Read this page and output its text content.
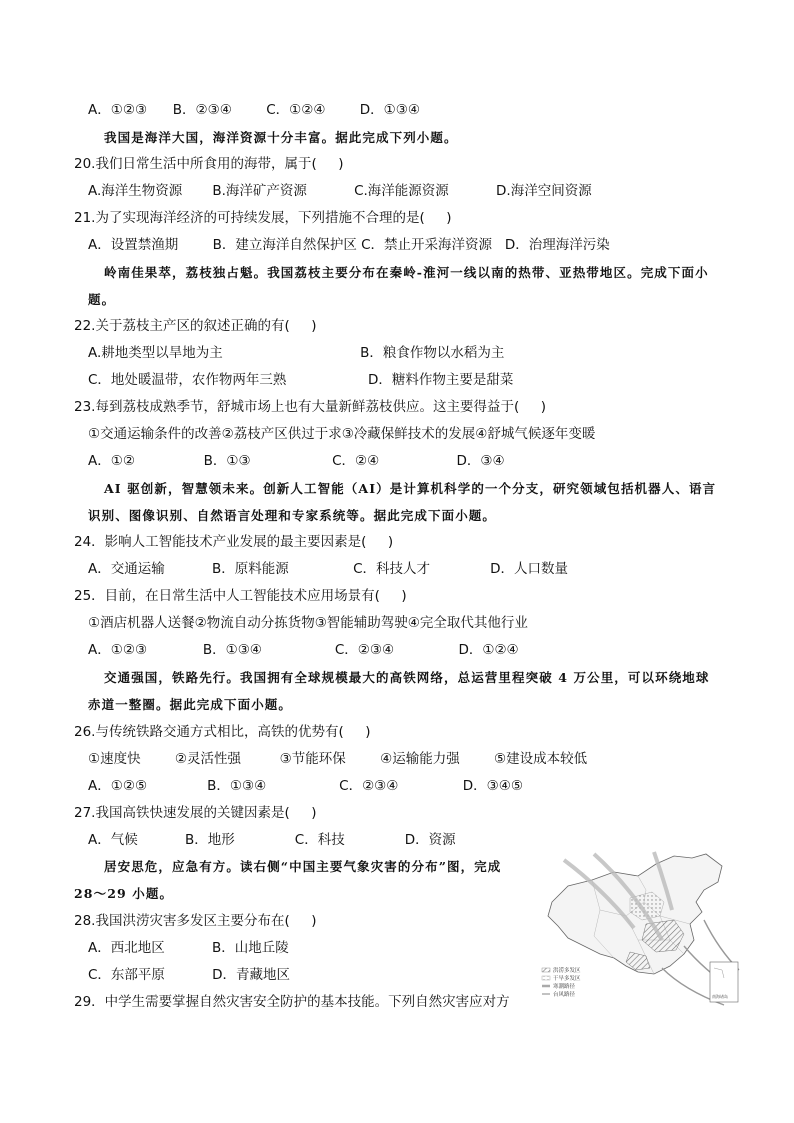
A．①②③      B．②③④        C．①②④        D．①③④
我国是海洋大国，海洋资源十分丰富。据此完成下列小题。
20.我们日常生活中所食用的海带，属于(     )
A.海洋生物资源       B.海洋矿产资源           C.海洋能源资源           D.海洋空间资源
21.为了实现海洋经济的可持续发展，下列措施不合理的是(     )
A．设置禁渔期        B．建立海洋自然保护区 C．禁止开采海洋资源   D．治理海洋污染
岭南佳果萃，荔枝独占魁。我国荔枝主要分布在秦岭-淮河一线以南的热带、亚热带地区。完成下面小
题。
22.关于荔枝主产区的叙述正确的有(     )
A.耕地类型以旱地为主                                B．粮食作物以水稻为主
C．地处暖温带，农作物两年三熟                   D．糖料作物主要是甜菜
23.每到荔枝成熟季节，舒城市场上也有大量新鲜荔枝供应。这主要得益于(     )
①交通运输条件的改善②荔枝产区供过于求③冷藏保鲜技术的发展④舒城气候逐年变暖
A．①②                B．①③                   C．②④                  D．③④
AI 驱创新，智慧领未来。创新人工智能（AI）是计算机科学的一个分支，研究领域包括机器人、语言
识别、图像识别、自然语言处理和专家系统等。据此完成下面小题。
24．影响人工智能技术产业发展的最主要因素是(     )
A．交通运输           B．原料能源               C．科技人才              D．人口数量
25．目前，在日常生活中人工智能技术应用场景有(     )
①酒店机器人送餐②物流自动分拣货物③智能辅助驾驶④完全取代其他行业
A．①②③             B．①③④                 C．②③④               D．①②④
交通强国，铁路先行。我国拥有全球规模最大的高铁网络，总运营里程突破 4 万公里，可以环绕地球
赤道一整圈。据此完成下面小题。
26.与传统铁路交通方式相比，高铁的优势有(     )
①速度快        ②灵活性强         ③节能环保        ④运输能力强        ⑤建设成本较低
A．①②⑤              B．①③④                 C．②③④               D．③④⑤
27.我国高铁快速发展的关键因素是(     )
A．气候           B．地形              C．科技              D．资源
居安思危，应急有方。读右侧“中国主要气象灾害的分布”图，完成
28～29 小题。
28.我国洪涝灾害多发区主要分布在(     )
A．西北地区           B．山地丘陵
C．东部平原           D．青藏地区
29．中学生需要掌握自然灾害安全防护的基本技能。下列自然灾害应对方
洪涝多发区
干旱多发区
寒潮路径
台风路径	南海诸岛
